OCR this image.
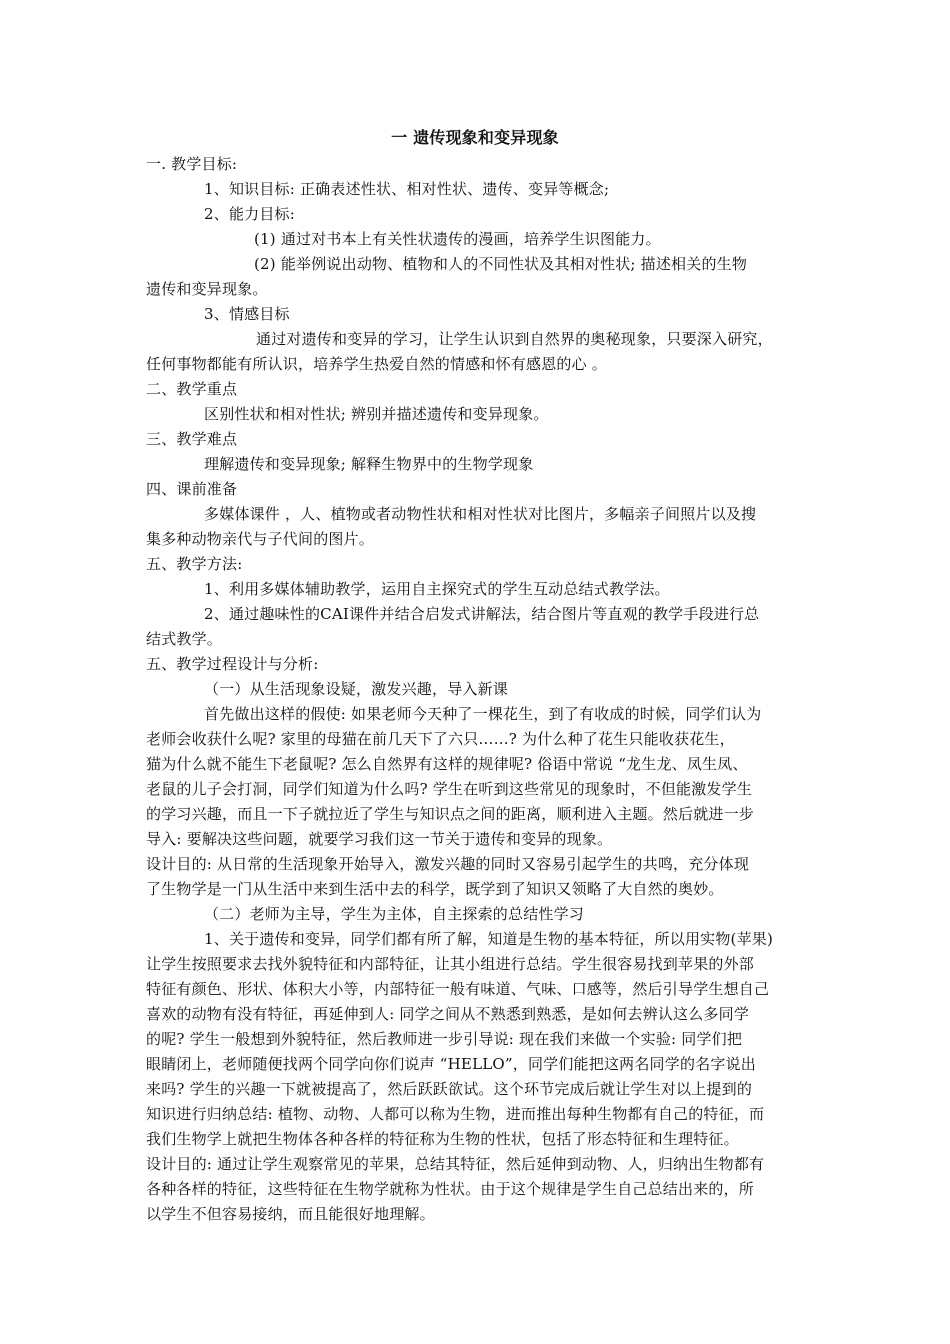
一 遗传现象和变异现象
一. 教学目标:
1、知识目标: 正确表述性状、相对性状、遗传、变异等概念;
2、能力目标:
(1) 通过对书本上有关性状遗传的漫画，培养学生识图能力。
(2) 能举例说出动物、植物和人的不同性状及其相对性状; 描述相关的生物
遗传和变异现象。
3、情感目标
通过对遗传和变异的学习，让学生认识到自然界的奥秘现象，只要深入研究，
任何事物都能有所认识，培养学生热爱自然的情感和怀有感恩的心 。
二、教学重点
区别性状和相对性状; 辨别并描述遗传和变异现象。
三、教学难点
理解遗传和变异现象; 解释生物界中的生物学现象
四、课前准备
多媒体课件 ，人、植物或者动物性状和相对性状对比图片，多幅亲子间照片以及搜
集多种动物亲代与子代间的图片。
五、教学方法:
1、利用多媒体辅助教学，运用自主探究式的学生互动总结式教学法。
2、通过趣味性的CAI课件并结合启发式讲解法，结合图片等直观的教学手段进行总
结式教学。
五、教学过程设计与分析:
（一）从生活现象设疑，激发兴趣，导入新课
首先做出这样的假使: 如果老师今天种了一棵花生，到了有收成的时候，同学们认为
老师会收获什么呢? 家里的母猫在前几天下了六只……? 为什么种了花生只能收获花生，
猫为什么就不能生下老鼠呢? 怎么自然界有这样的规律呢? 俗语中常说 “龙生龙、凤生凤、
老鼠的儿子会打洞，同学们知道为什么吗? 学生在听到这些常见的现象时，不但能激发学生
的学习兴趣，而且一下子就拉近了学生与知识点之间的距离，顺利进入主题。然后就进一步
导入: 要解决这些问题，就要学习我们这一节关于遗传和变异的现象。
设计目的: 从日常的生活现象开始导入，激发兴趣的同时又容易引起学生的共鸣，充分体现
了生物学是一门从生活中来到生活中去的科学，既学到了知识又领略了大自然的奥妙。
（二）老师为主导，学生为主体，自主探索的总结性学习
1、关于遗传和变异，同学们都有所了解，知道是生物的基本特征，所以用实物(苹果)
让学生按照要求去找外貌特征和内部特征，让其小组进行总结。学生很容易找到苹果的外部
特征有颜色、形状、体积大小等，内部特征一般有味道、气味、口感等，然后引导学生想自己
喜欢的动物有没有特征，再延伸到人: 同学之间从不熟悉到熟悉，是如何去辨认这么多同学
的呢? 学生一般想到外貌特征，然后教师进一步引导说: 现在我们来做一个实验: 同学们把
眼睛闭上，老师随便找两个同学向你们说声 “HELLO”，同学们能把这两名同学的名字说出
来吗? 学生的兴趣一下就被提高了，然后跃跃欲试。这个环节完成后就让学生对以上提到的
知识进行归纳总结: 植物、动物、人都可以称为生物，进而推出每种生物都有自己的特征，而
我们生物学上就把生物体各种各样的特征称为生物的性状，包括了形态特征和生理特征。
设计目的: 通过让学生观察常见的苹果，总结其特征，然后延伸到动物、人，归纳出生物都有
各种各样的特征，这些特征在生物学就称为性状。由于这个规律是学生自己总结出来的，所
以学生不但容易接纳，而且能很好地理解。
